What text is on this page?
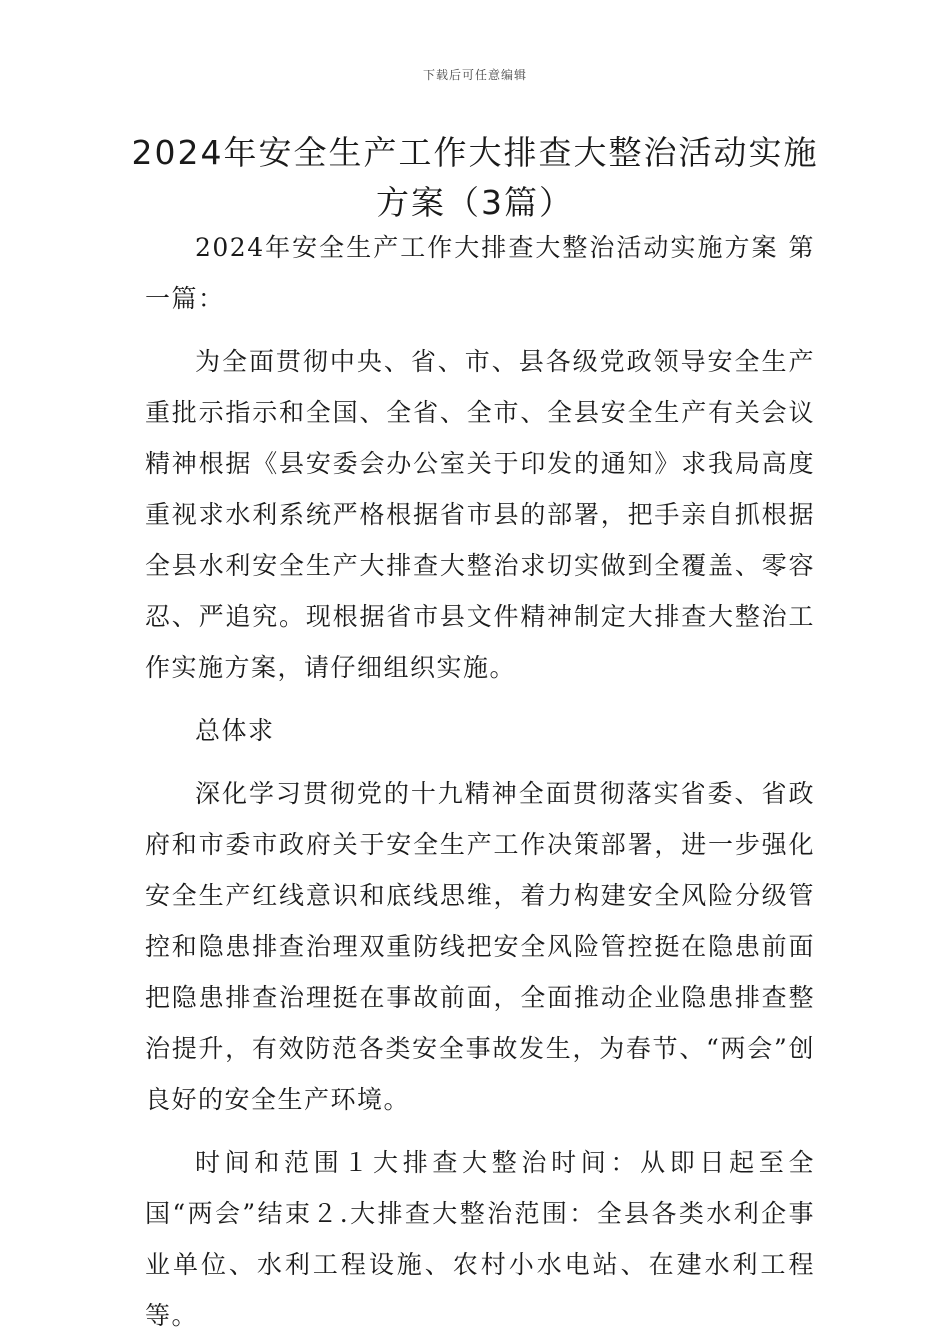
下载后可任意编辑
2024年安全生产工作大排查大整治活动实施方案（3篇）

2024年安全生产工作大排查大整治活动实施方案 第一篇：

为全面贯彻中央、省、市、县各级党政领导安全生产重批示指示和全国、全省、全市、全县安全生产有关会议精神根据《县安委会办公室关于印发的通知》求我局高度重视求水利系统严格根据省市县的部署，把手亲自抓根据全县水利安全生产大排查大整治求切实做到全覆盖、零容忍、严追究。现根据省市县文件精神制定大排查大整治工作实施方案，请仔细组织实施。

总体求

深化学习贯彻党的十九精神全面贯彻落实省委、省政府和市委市政府关于安全生产工作决策部署，进一步强化安全生产红线意识和底线思维，着力构建安全风险分级管控和隐患排查治理双重防线把安全风险管控挺在隐患前面把隐患排查治理挺在事故前面，全面推动企业隐患排查整治提升，有效防范各类安全事故发生，为春节、“两会”创良好的安全生产环境。

时间和范围１大排查大整治时间：从即日起至全国“两会”结束２.大排查大整治范围：全县各类水利企事业单位、水利工程设施、农村小水电站、在建水利工程等。
